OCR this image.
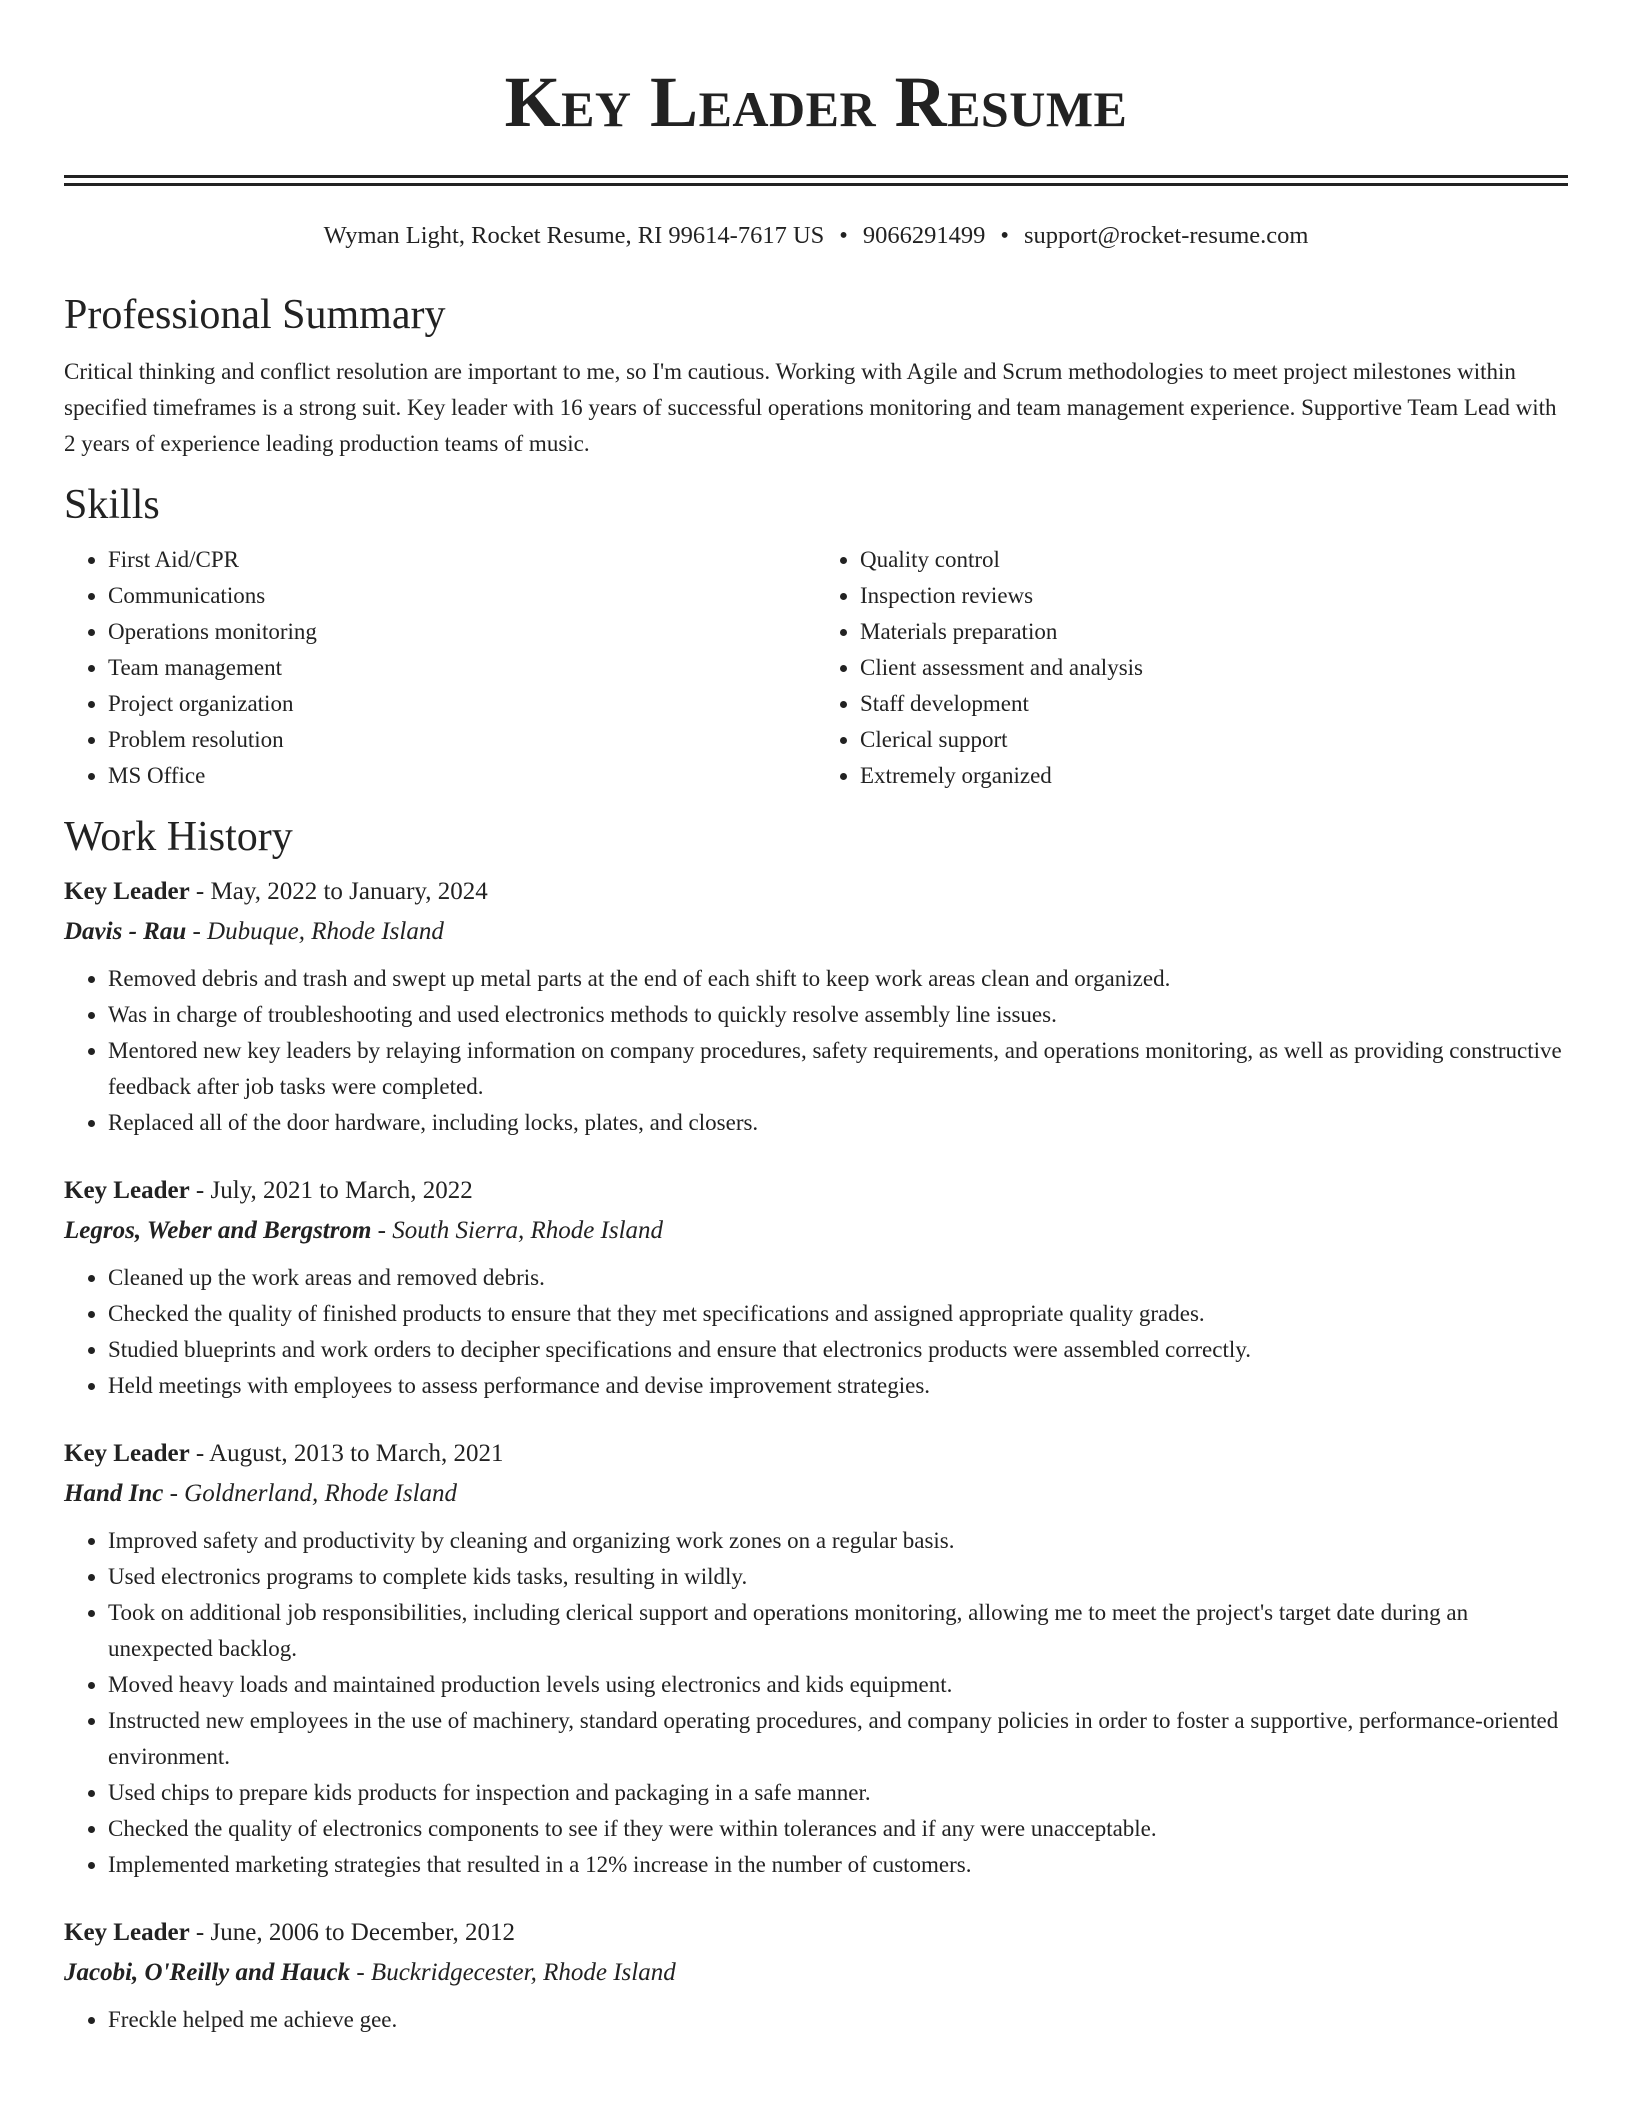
Key Leader Resume
Wyman Light, Rocket Resume, RI 99614-7617 US • 9066291499 • support@rocket-resume.com
Professional Summary

Critical thinking and conflict resolution are important to me, so I'm cautious. Working with Agile and Scrum methodologies to meet project milestones within specified timeframes is a strong suit. Key leader with 16 years of successful operations monitoring and team management experience. Supportive Team Lead with 2 years of experience leading production teams of music.

Skills
• First Aid/CPR
• Communications
• Operations monitoring
• Team management
• Project organization
• Problem resolution
• MS Office
• Quality control
• Inspection reviews
• Materials preparation
• Client assessment and analysis
• Staff development
• Clerical support
• Extremely organized
Work History

Key Leader - May, 2022 to January, 2024

Davis - Rau - Dubuque, Rhode Island

• Removed debris and trash and swept up metal parts at the end of each shift to keep work areas clean and organized.
• Was in charge of troubleshooting and used electronics methods to quickly resolve assembly line issues.
• Mentored new key leaders by relaying information on company procedures, safety requirements, and operations monitoring, as well as providing constructive feedback after job tasks were completed.
• Replaced all of the door hardware, including locks, plates, and closers.

Key Leader - July, 2021 to March, 2022

Legros, Weber and Bergstrom - South Sierra, Rhode Island

• Cleaned up the work areas and removed debris.
• Checked the quality of finished products to ensure that they met specifications and assigned appropriate quality grades.
• Studied blueprints and work orders to decipher specifications and ensure that electronics products were assembled correctly.
• Held meetings with employees to assess performance and devise improvement strategies.

Key Leader - August, 2013 to March, 2021

Hand Inc - Goldnerland, Rhode Island

• Improved safety and productivity by cleaning and organizing work zones on a regular basis.
• Used electronics programs to complete kids tasks, resulting in wildly.
• Took on additional job responsibilities, including clerical support and operations monitoring, allowing me to meet the project's target date during an unexpected backlog.
• Moved heavy loads and maintained production levels using electronics and kids equipment.
• Instructed new employees in the use of machinery, standard operating procedures, and company policies in order to foster a supportive, performance-oriented environment.
• Used chips to prepare kids products for inspection and packaging in a safe manner.
• Checked the quality of electronics components to see if they were within tolerances and if any were unacceptable.
• Implemented marketing strategies that resulted in a 12% increase in the number of customers.

Key Leader - June, 2006 to December, 2012

Jacobi, O'Reilly and Hauck - Buckridgecester, Rhode Island

• Freckle helped me achieve gee.
